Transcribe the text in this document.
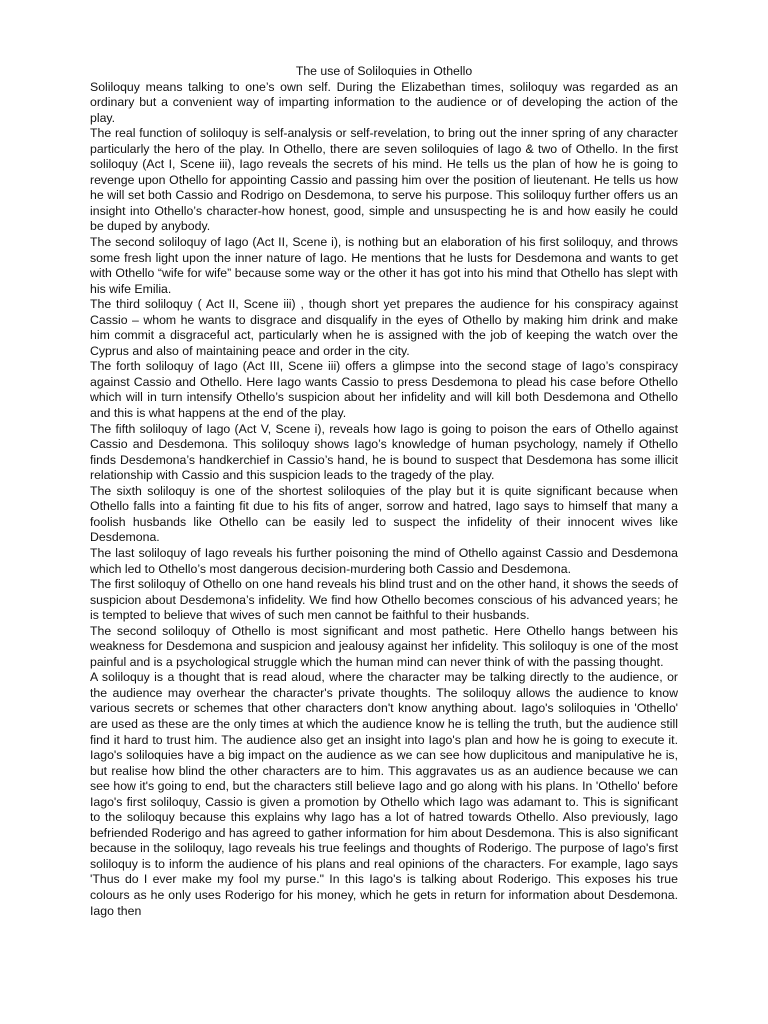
The use of Soliloquies in Othello

Soliloquy means talking to one’s own self. During the Elizabethan times, soliloquy was regarded as an ordinary but a convenient way of imparting information to the audience or of developing the action of the play.

The real function of soliloquy is self-analysis or self-revelation, to bring out the inner spring of any character particularly the hero of the play. In Othello, there are seven soliloquies of Iago & two of Othello. In the first soliloquy (Act I, Scene iii), Iago reveals the secrets of his mind. He tells us the plan of how he is going to revenge upon Othello for appointing Cassio and passing him over the position of lieutenant. He tells us how he will set both Cassio and Rodrigo on Desdemona, to serve his purpose. This soliloquy further offers us an insight into Othello’s character-how honest, good, simple and unsuspecting he is and how easily he could be duped by anybody.

The second soliloquy of Iago (Act II, Scene i), is nothing but an elaboration of his first soliloquy, and throws some fresh light upon the inner nature of Iago. He mentions that he lusts for Desdemona and wants to get with Othello “wife for wife” because some way or the other it has got into his mind that Othello has slept with his wife Emilia.

The third soliloquy ( Act II, Scene iii) , though short yet prepares the audience for his conspiracy against Cassio – whom he wants to disgrace and disqualify in the eyes of Othello by making him drink and make him commit a disgraceful act, particularly when he is assigned with the job of keeping the watch over the Cyprus and also of maintaining peace and order in the city.

The forth soliloquy of Iago (Act III, Scene iii) offers a glimpse into the second stage of Iago’s conspiracy against Cassio and Othello. Here Iago wants Cassio to press Desdemona to plead his case before Othello which will in turn intensify Othello’s suspicion about her infidelity and will kill both Desdemona and Othello and this is what happens at the end of the play.

The fifth soliloquy of Iago (Act V, Scene i), reveals how Iago is going to poison the ears of Othello against Cassio and Desdemona. This soliloquy shows Iago’s knowledge of human psychology, namely if Othello finds Desdemona’s handkerchief in Cassio’s hand, he is bound to suspect that Desdemona has some illicit relationship with Cassio and this suspicion leads to the tragedy of the play.

The sixth soliloquy is one of the shortest soliloquies of the play but it is quite significant because when Othello falls into a fainting fit due to his fits of anger, sorrow and hatred, Iago says to himself that many a foolish husbands like Othello can be easily led to suspect the infidelity of their innocent wives like Desdemona.

The last soliloquy of Iago reveals his further poisoning the mind of Othello against Cassio and Desdemona which led to Othello’s most dangerous decision-murdering both Cassio and Desdemona.

The first soliloquy of Othello on one hand reveals his blind trust and on the other hand, it shows the seeds of suspicion about Desdemona’s infidelity. We find how Othello becomes conscious of his advanced years; he is tempted to believe that wives of such men cannot be faithful to their husbands.

The second soliloquy of Othello is most significant and most pathetic. Here Othello hangs between his weakness for Desdemona and suspicion and jealousy against her infidelity. This soliloquy is one of the most painful and is a psychological struggle which the human mind can never think of with the passing thought.

A soliloquy is a thought that is read aloud, where the character may be talking directly to the audience, or the audience may overhear the character's private thoughts. The soliloquy allows the audience to know various secrets or schemes that other characters don't know anything about. Iago's soliloquies in 'Othello' are used as these are the only times at which the audience know he is telling the truth, but the audience still find it hard to trust him. The audience also get an insight into Iago's plan and how he is going to execute it. Iago's soliloquies have a big impact on the audience as we can see how duplicitous and manipulative he is, but realise how blind the other characters are to him. This aggravates us as an audience because we can see how it's going to end, but the characters still believe Iago and go along with his plans. In 'Othello' before Iago's first soliloquy, Cassio is given a promotion by Othello which Iago was adamant to. This is significant to the soliloquy because this explains why Iago has a lot of hatred towards Othello. Also previously, Iago befriended Roderigo and has agreed to gather information for him about Desdemona. This is also significant because in the soliloquy, Iago reveals his true feelings and thoughts of Roderigo. The purpose of Iago's first soliloquy is to inform the audience of his plans and real opinions of the characters. For example, Iago says 'Thus do I ever make my fool my purse." In this Iago's is talking about Roderigo. This exposes his true colours as he only uses Roderigo for his money, which he gets in return for information about Desdemona. Iago then
